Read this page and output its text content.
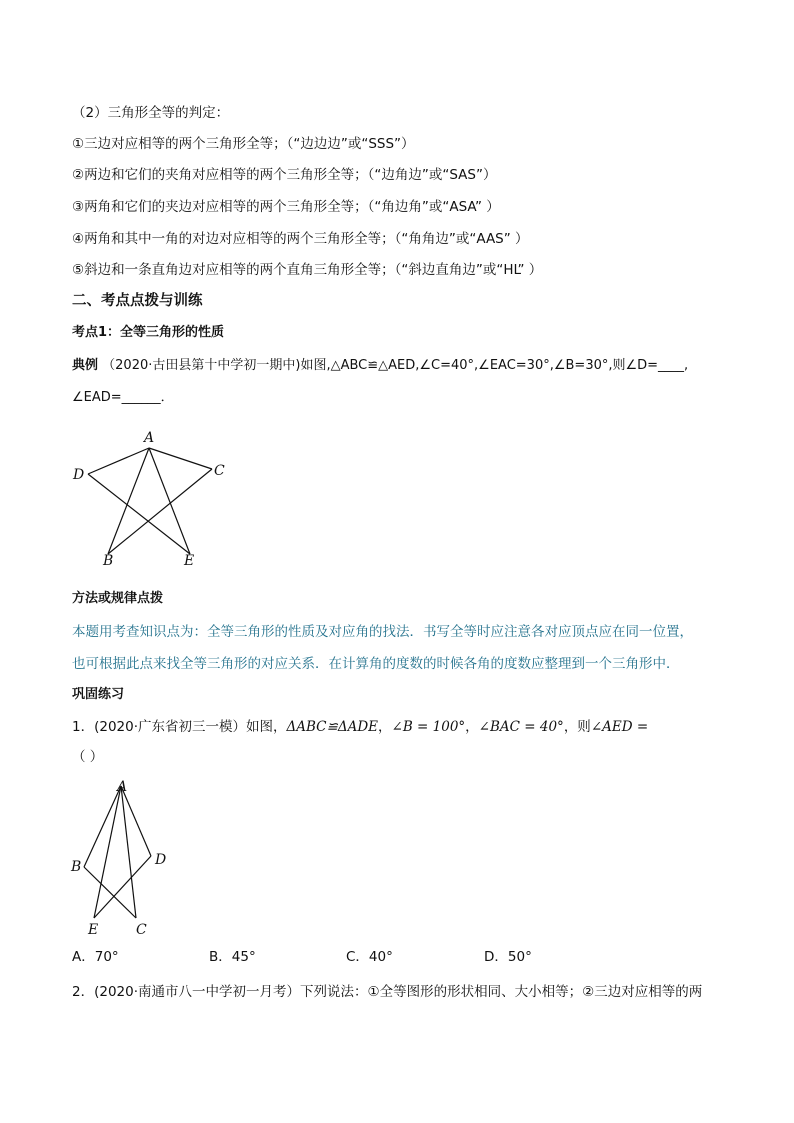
（2）三角形全等的判定：
①三边对应相等的两个三角形全等；（“边边边”或“SSS”）
②两边和它们的夹角对应相等的两个三角形全等；（“边角边”或“SAS”）
③两角和它们的夹边对应相等的两个三角形全等；（“角边角”或“ASA” ）
④两角和其中一角的对边对应相等的两个三角形全等；（“角角边”或“AAS” ）
⑤斜边和一条直角边对应相等的两个直角三角形全等；（“斜边直角边”或“HL” ）
二、考点点拨与训练
考点1：全等三角形的性质
典例 （2020·古田县第十中学初一期中)如图,△ABC≌△AED,∠C=40°,∠EAC=30°,∠B=30°,则∠D=____,
∠EAD=______．
A
D	C
B	E
方法或规律点拨
本题用考查知识点为：全等三角形的性质及对应角的找法．书写全等时应注意各对应顶点应在同一位置，
也可根据此点来找全等三角形的对应关系．在计算角的度数的时候各角的度数应整理到一个三角形中．
巩固练习
1．(2020·广东省初三一模）如图，ΔABC≌ΔADE，∠B = 100°，∠BAC = 40°，则∠AED =
（ ）
A
B	D
E	C
A．70°	B．45°	C．40°	D．50°
2．(2020·南通市八一中学初一月考）下列说法：①全等图形的形状相同、大小相等；②三边对应相等的两
